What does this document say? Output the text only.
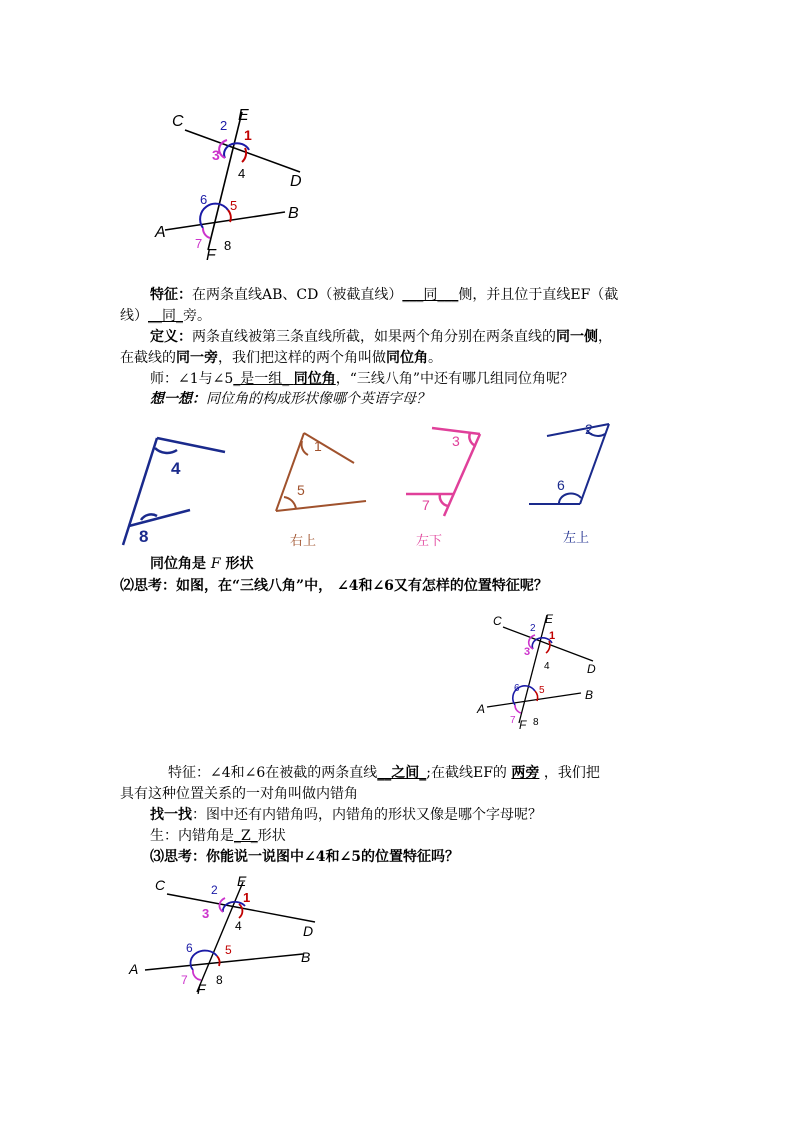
C	E
D
A
B
F
2
1
3
4
6 5
7 8
特征：在两条直线AB、CD（被截直线）___同___侧，并且位于直线EF（截
线）__同_旁。
定义：两条直线被第三条直线所截，如果两个角分别在两条直线的同一侧，
在截线的同一旁，我们把这样的两个角叫做同位角。
师：∠1与∠5_是一组_ 同位角，“三线八角”中还有哪几组同位角呢？
想一想：同位角的构成形状像哪个英语字母？
4
8
1
5
右上
3
7
左下
2
6
左上
同位角是 F 形状
⑵思考：如图，在“三线八角”中， ∠4和∠6又有怎样的位置特征呢？
C	E
D
A
B
F
2
1
3
4
6 5
7 8
特征：∠4和∠6在被截的两条直线__之间_;在截线EF的 两旁 ，我们把
具有这种位置关系的一对角叫做内错角
找一找：图中还有内错角吗，内错角的形状又像是哪个字母呢？
生：内错角是_Z_形状
⑶思考：你能说一说图中∠4和∠5的位置特征吗？
C	E
D
A
B
F
2 1
3
4
6	5
7 8
